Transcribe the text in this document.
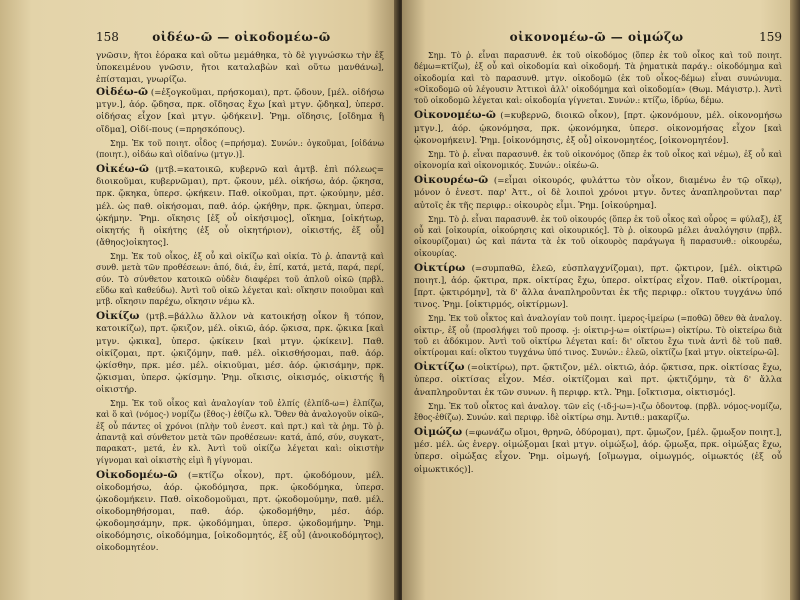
158	οἰδέω-ῶ — οἰκοδομέω-ῶ

γνῶσιν, ἤτοι ἑόρακα καὶ οὕτω μεμάθηκα, τὸ δὲ γιγνώσκω τὴν ἐξ ὑποκειμένου γνῶσιν, ἤτοι καταλαβὼν καὶ οὕτω μανθάνω], ἐπίσταμαι, γνωρίζω.

Οἰδέω-ῶ (=ἐξογκοῦμαι, πρήσκομαι), πρτ. ᾤδουν, [μέλ. οἰδήσω μτγν.], ἀόρ. ᾤδησα, πρκ. οἴδησας ἔχω [καὶ μτγν. ᾤδηκα], ὑπερσ. οἰδήσας εἶχον [καὶ μτγν. ᾠδήκειν]. Ῥημ. οἴδησις, [οἴδημα ἢ οἴδμα], Οἰδί-πους (=πρησκόπους).

Σημ. Ἐκ τοῦ ποιητ. οἶδος (=πρήσμα). Συνών.: ὀγκοῦμαι, [οἰδάνω (ποιητ.), οἰδάω καὶ οἰδαίνω (μτγν.)].

Οἰκέω-ῶ (μτβ.=κατοικῶ, κυβερνῶ καὶ ἀμτβ. ἐπὶ πόλεως= διοικοῦμαι, κυβερνῶμαι), πρτ. ᾤκουν, μέλ. οἰκήσω, ἀόρ. ᾤκησα, πρκ. ᾤκηκα, ὑπερσ. ᾠκήκειν. Παθ. οἰκοῦμαι, πρτ. ᾠκούμην, μέσ. μέλ. ὡς παθ. οἰκήσομαι, παθ. ἀόρ. ᾠκήθην, πρκ. ᾤκημαι, ὑπερσ. ᾠκήμην. Ῥημ. οἴκησις [ἐξ οὗ οἰκήσιμος], οἴκημα, [οἰκήτωρ, οἰκητής ἢ οἰκήτης (ἐξ οὗ οἰκητήριον), οἰκιστής, ἐξ οὗ] (ἄθηος)οἰκητος].

Σημ. Ἐκ τοῦ οἶκος, ἐξ οὗ καὶ οἰκίζω καὶ οἰκία. Τὸ ῥ. ἁπαντᾷ καὶ συνθ. μετὰ τῶν προθέσεων: ἀπό, διά, ἐν, ἐπί, κατά, μετά, παρά, περί, σύν. Τὸ σύνθετον κατοικῶ οὐδὲν διαφέρει τοῦ ἁπλοῦ οἰκῶ (πρβλ. εὕδω καὶ καθεύδω). Ἀντὶ τοῦ οἰκῶ λέγεται καὶ: οἴκησιν ποιοῦμαι καὶ μτβ. οἴκησιν παρέχω, οἴκησιν νέμω κλ.

Οἰκίζω (μτβ.=βάλλω ἄλλον νὰ κατοικήσῃ οἶκον ἢ τόπον, κατοικίζω), πρτ. ᾤκιζον, μέλ. οἰκιῶ, ἀόρ. ᾤκισα, πρκ. ᾤκικα [καὶ μτγν. ᾠκικα], ὑπερσ. ᾠκίκειν [καὶ μτγν. ᾠκίκειν]. Παθ. οἰκίζομαι, πρτ. ᾠκιζόμην, παθ. μέλ. οἰκισθήσομαι, παθ. ἀόρ. ᾠκίσθην, πρκ. μέσ. μέλ. οἰκιοῦμαι, μέσ. ἀόρ. ᾠκισάμην, πρκ. ᾤκισμαι, ὑπερσ. ᾠκίσμην. Ῥημ. οἴκισις, οἰκισμός, οἰκιστής ἢ οἰκιστήρ.

Σημ. Ἐκ τοῦ οἶκος καὶ ἀναλογίαν τοῦ ἐλπίς (ἐλπίδ-ω=) ἐλπίζω, καὶ ὅ καὶ (νόμος-) νομίζω (ἔθος-) ἐθίζω κλ. Ὅθεν θὰ ἀναλογοῦν οἰκῶ-, ἐξ οὗ πάντες οἱ χρόνοι (πλὴν τοῦ ἐνεστ. καὶ πρτ.) καὶ τὰ ῥημ. Τὸ ῥ. ἁπαντᾷ καὶ σύνθετον μετὰ τῶν προθέσεων: κατά, ἀπό, σύν, συγκατ-, παρακατ-, μετά, ἐν κλ. Ἀντὶ τοῦ οἰκίζω λέγεται καὶ: οἰκιστὴν γίγνομαι καὶ οἰκιστὴς εἰμὶ ἢ γίγνομαι.

Οἰκοδομέω-ῶ (=κτίζω οἶκον), πρτ. ᾠκοδόμουν, μέλ. οἰκοδομήσω, ἀόρ. ᾠκοδόμησα, πρκ. ᾠκοδόμηκα, ὑπερσ. ᾠκοδομήκειν. Παθ. οἰκοδομοῦμαι, πρτ. ᾠκοδομούμην, παθ. μέλ. οἰκοδομηθήσομαι, παθ. ἀόρ. ᾠκοδομήθην, μέσ. ἀόρ. ᾠκοδομησάμην, πρκ. ᾠκοδόμημαι, ὑπερσ. ᾠκοδομήμην. Ῥημ. οἰκοδόμησις, οἰκοδόμημα, [οἰκοδομητός, ἐξ οὗ] (ἀνοικοδόμητος), οἰκοδομητέον.

οἰκονομέω-ῶ — οἰμώζω	159

Σημ. Τὸ ῥ. εἶναι παρασυνθ. ἐκ τοῦ οἰκοδόμος (ὅπερ ἐκ τοῦ οἶκος καὶ τοῦ ποιητ. δέμω=κτίζω), ἐξ οὗ καὶ οἰκοδομία καὶ οἰκοδομή. Τὰ ῥηματικὰ παράγ.: οἰκοδόμημα καὶ οἰκοδομία καὶ τὸ παρασυνθ. μτγν. οἰκοδομῶ (ἐκ τοῦ οἶκος-δέμω) εἶναι συνώνυμα. «Οἰκοδομῶ οὐ λέγουσιν Ἀττικοὶ ἀλλ' οἰκοδόμημα καὶ οἰκοδομία» (Θωμ. Μάγιστρ.). Ἀντὶ τοῦ οἰκοδομῶ λέγεται καὶ: οἰκοδομία γίγνεται. Συνών.: κτίζω, ἱδρύω, δέμω.

Οἰκονομέω-ῶ (=κυβερνῶ, διοικῶ οἶκον), [πρτ. ᾠκονόμουν, μέλ. οἰκονομήσω μτγν.], ἀόρ. ᾠκονόμησα, πρκ. ᾠκονόμηκα, ὑπερσ. οἰκονομήσας εἶχον [καὶ ᾠκονομήκειν]. Ῥημ. [οἰκονόμησις, ἐξ οὗ] οἰκονομητέος, [οἰκονομητέον].

Σημ. Τὸ ῥ. εἶναι παρασυνθ. ἐκ τοῦ οἰκονόμος (ὅπερ ἐκ τοῦ οἶκος καὶ νέμω), ἐξ οὗ καὶ οἰκονομία καὶ οἰκονομικός. Συνών.: οἰκέω-ῶ.

Οἰκουρέω-ῶ (=εἶμαι οἰκουρός, φυλάττω τὸν οἶκον, διαμένω ἐν τῷ οἴκῳ), μόνον ὁ ἐνεστ. παρ' Ἀττ., οἱ δὲ λοιποὶ χρόνοι μτγν. ὄντες ἀναπληροῦνται παρ' αὐτοῖς ἐκ τῆς περιφρ.: οἰκουρὸς εἶμι. Ῥημ. [οἰκούρημα].

Σημ. Τὸ ῥ. εἶναι παρασυνθ. ἐκ τοῦ οἰκουρός (ὅπερ ἐκ τοῦ οἶκος καὶ οὖρος = φύλαξ), ἐξ οὗ καὶ [οἰκουρία, οἰκούρησις καὶ οἰκουρικός]. Τὸ ῥ. οἰκουρῶ μέλει ἀναλόγησιν (πρβλ. οἰκουρίζομαι) ὡς καὶ πάντα τὰ ἐκ τοῦ οἰκουρὸς παράγωγα ἢ παρασυνθ.: οἰκουρέω, οἰκουρίας.

Οἰκτίρω (=συμπαθῶ, ἐλεῶ, εὐσπλαγχνίζομαι), πρτ. ᾤκτιρον, [μέλ. οἰκτιρῶ ποιητ.], ἀόρ. ᾤκτιρα, πρκ. οἰκτίρας ἔχω, ὑπερσ. οἰκτίρας εἶχον. Παθ. οἰκτίρομαι, [πρτ. ᾠκτιρόμην], τὰ δ' ἄλλα ἀναπληροῦνται ἐκ τῆς περιφρ.: οἴκτου τυγχάνω ὑπό τινος. Ῥημ. [οἰκτιρμός, οἰκτίρμων].

Σημ. Ἐκ τοῦ οἶκτος καὶ ἀναλογίαν τοῦ ποιητ. ἱμερος-ἱμείρω (=ποθῶ) ὅθεν θὰ ἀναλογ. οἰκτιρ-, ἐξ οὗ (προσλήψει τοῦ προσφ. -j: οἰκτιρ-j-ω= οἰκτίρω=) οἰκτίρω. Τὸ οἰκτείρω διὰ τοῦ ει ἀδόκιμον. Ἀντὶ τοῦ οἰκτίρω λέγεται καί: δι' οἴκτου ἔχω τινὰ ἀντὶ δὲ τοῦ παθ. οἰκτίρομαι καί: οἴκτου τυγχάνω ὑπό τινος. Συνών.: ἐλεῶ, οἰκτίζω [καὶ μτγν. οἰκτείρω-ῶ].

Οἰκτίζω (=οἰκτίρω), πρτ. ᾤκτιζον, μέλ. οἰκτιῶ, ἀόρ. ᾤκτισα, πρκ. οἰκτίσας ἔχω, ὑπερσ. οἰκτίσας εἶχον. Μέσ. οἰκτίζομαι καὶ πρτ. ᾠκτιζόμην, τὰ δ' ἄλλα ἀναπληροῦνται ἐκ τῶν συνων. ἢ περιφρ. κτλ. Ῥημ. [οἴκτισμα, οἰκτισμός].

Σημ. Ἐκ τοῦ οἶκτος καὶ ἀναλογ. τῶν εἰς (-ιδ-j-ω=)-ιζω ὀδοντοφ. (πρβλ. νόμος-νομίζω, ἔθος-ἐθίζω). Συνών. καὶ περιφρ. ἰδὲ οἰκτίρω σημ. Ἀντιθ.: μακαρίζω.

Οἰμώζω (=φωνάζω οἴμοι, θρηνῶ, ὀδύρομαι), πρτ. ᾤμωζον, [μέλ. ᾤμωξον ποιητ.], μέσ. μέλ. ὡς ἐνεργ. οἰμώξομαι [καὶ μτγν. οἰμώξω], ἀόρ. ᾤμωξα, πρκ. οἰμώξας ἔχω, ὑπερσ. οἰμώξας εἶχον. Ῥημ. οἰμωγή, [οἴμωγμα, οἰμωγμός, οἰμωκτός (ἐξ οὗ οἰμωκτικός)].
